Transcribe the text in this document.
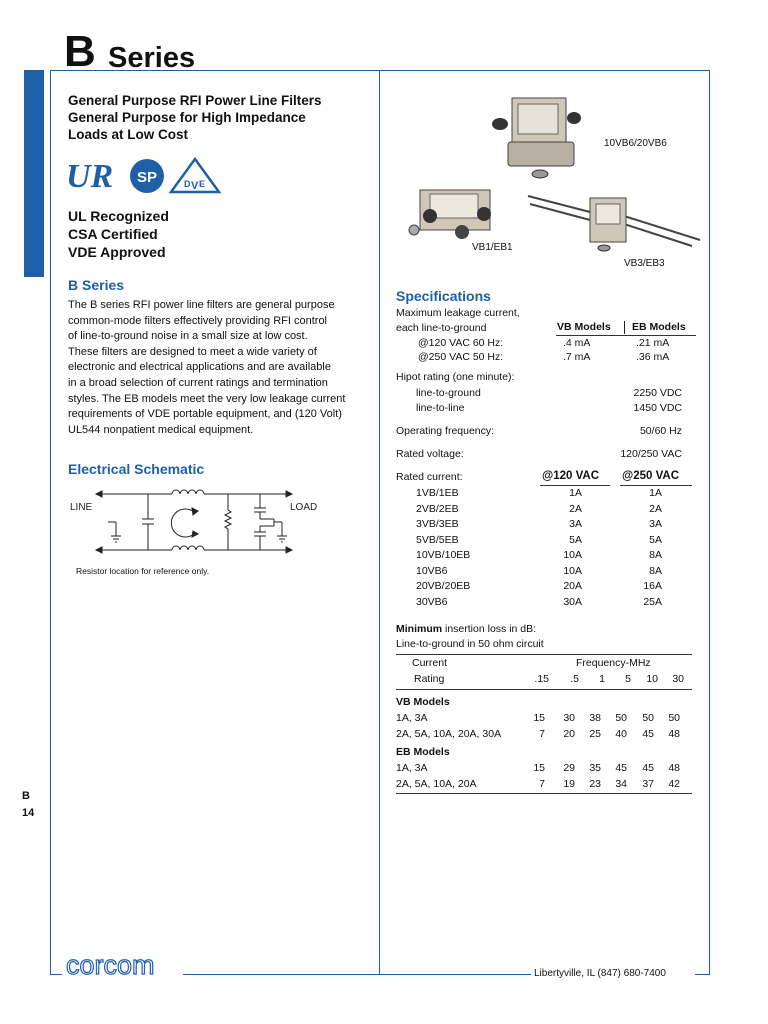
B Series
General Purpose RFI Power Line Filters
General Purpose for High Impedance
Loads at Low Cost
UR SP	D V E
UL Recognized
CSA Certified
VDE Approved
B Series
The B series RFI power line filters are general purpose
common-mode filters effectively providing RFI control
of line-to-ground noise in a small size at low cost.
These filters are designed to meet a wide variety of
electronic and electrical applications and are available
in a broad selection of current ratings and termination
styles. The EB models meet the very low leakage current
requirements of VDE portable equipment, and (120 Volt)
UL544 nonpatient medical equipment.
Electrical Schematic
LINE	LOAD
Resistor location for reference only.
10VB6/20VB6
VB1/EB1
VB3/EB3
Specifications
Maximum leakage current,
each line-to-ground	VB Models EB Models
@120 VAC 60 Hz:	.4 mA	.21 mA
@250 VAC 50 Hz:	.7 mA	.36 mA
Hipot rating (one minute):
line-to-ground	2250 VDC
line-to-line	1450 VDC
Operating frequency:	50/60 Hz
Rated voltage:	120/250 VAC
Rated current:	@120 VAC @250 VAC
1VB/1EB	1A	1A
2VB/2EB	2A	2A
3VB/3EB	3A	3A
5VB/5EB	5A	5A
10VB/10EB	10A	8A
10VB6	10A	8A
20VB/20EB	20A	16A
30VB6	30A	25A
Minimum insertion loss in dB:
Line-to-ground in 50 ohm circuit
Current	Frequency-MHz
Rating	.15	.5	1	5	10	30
VB Models
1A, 3A	15	30	38	50	50	50
2A, 5A, 10A, 20A, 30A	7	20	25	40	45	48
EB Models
1A, 3A	15	29	35	45	45	48
2A, 5A, 10A, 20A	7	19	23	34	37	42
B
14
corcom	Libertyville, IL (847) 680-7400
